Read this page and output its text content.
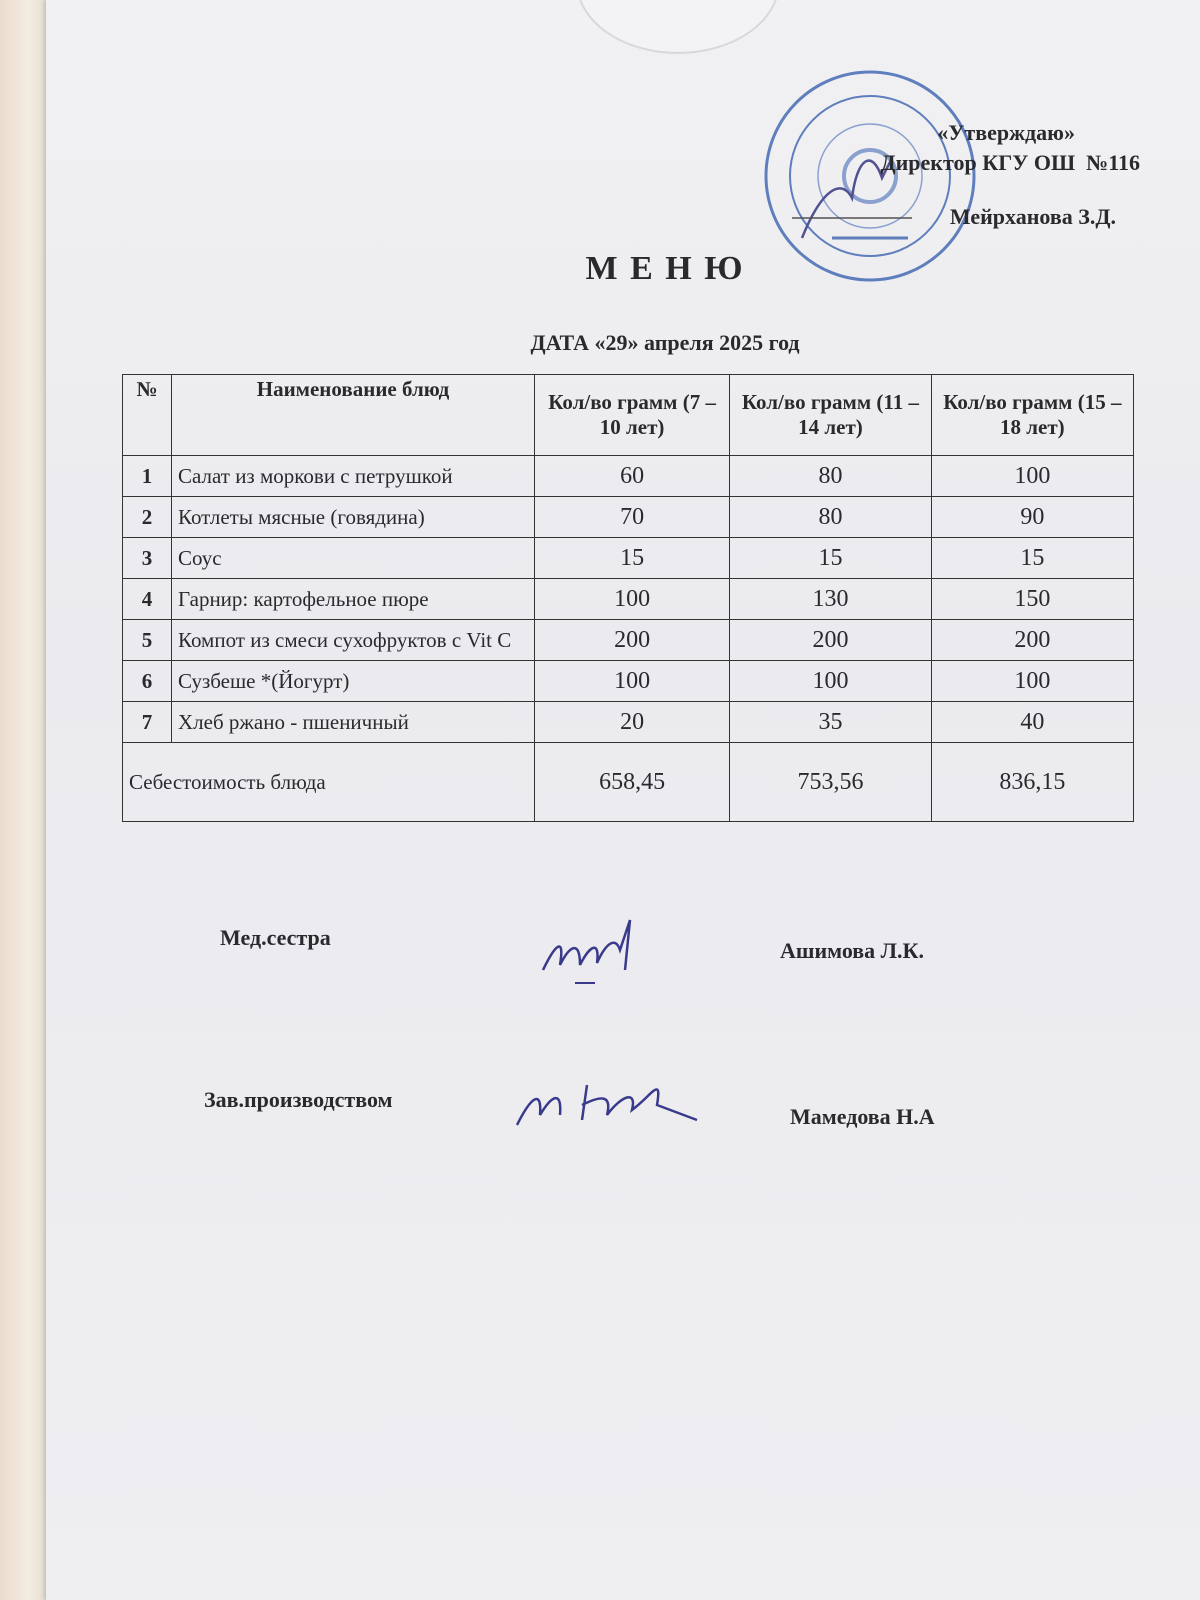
«Утверждаю»
Директор КГУ ОШ  №116
Мейрханова З.Д.
М Е Н Ю
ДАТА «29» апреля 2025 год
№	Наименование блюд	Кол/во грамм (7 – 10 лет)	Кол/во грамм (11 – 14 лет)	Кол/во грамм (15 – 18 лет)
1	Салат из моркови с петрушкой	60	80	100
2	Котлеты мясные (говядина)	70	80	90
3	Соус	15	15	15
4	Гарнир: картофельное пюре	100	130	150
5	Компот из смеси сухофруктов с Vit C	200	200	200
6	Сузбеше *(Йогурт)	100	100	100
7	Хлеб ржано - пшеничный	20	35	40
Себестоимость блюда		658,45	753,56	836,15
Мед.сестра
Ашимова Л.К.
Зав.производством
Мамедова Н.А
